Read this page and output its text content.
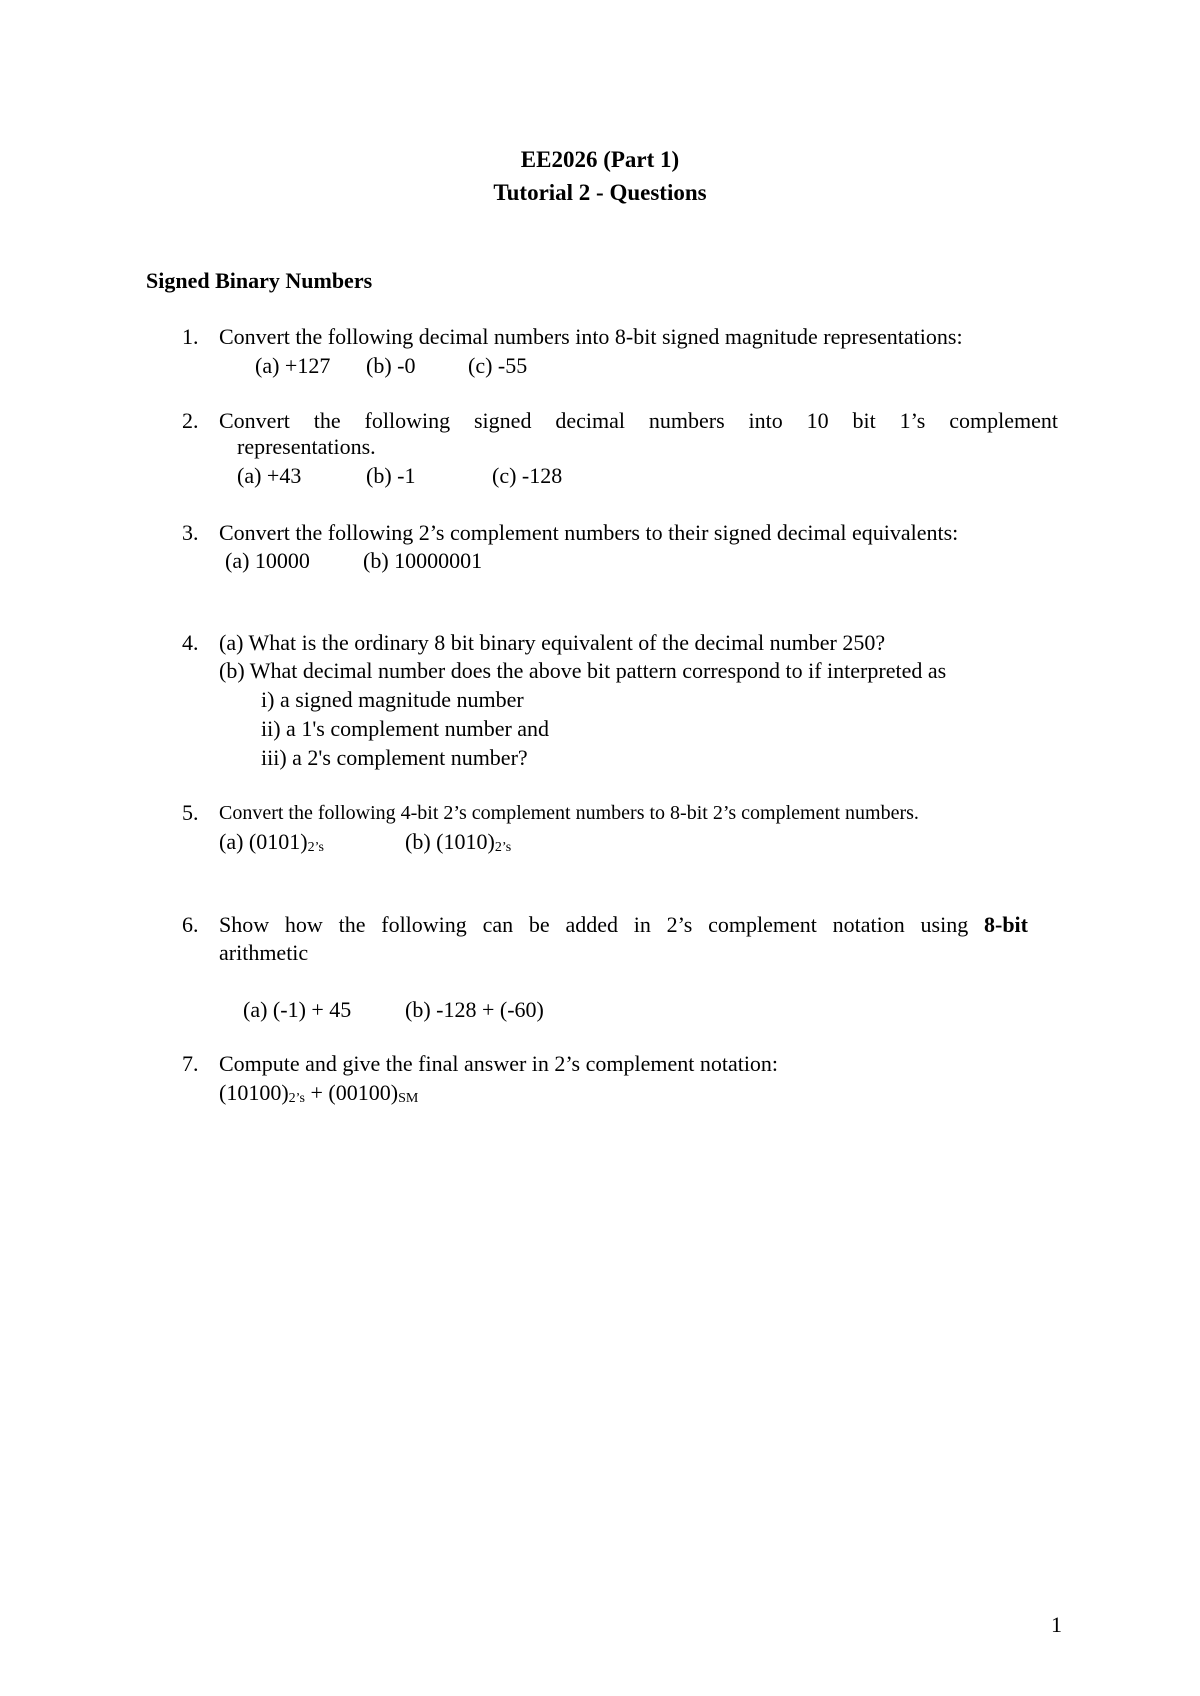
EE2026 (Part 1)
Tutorial 2 - Questions
Signed Binary Numbers
1. Convert the following decimal numbers into 8-bit signed magnitude representations:
(a) +127 (b) -0 (c) -55
2. Convert the following signed decimal numbers into 10 bit 1’s complement
representations.
(a) +43	(b) -1	(c) -128
3. Convert the following 2’s complement numbers to their signed decimal equivalents:
(a) 10000 (b) 10000001
4. (a) What is the ordinary 8 bit binary equivalent of the decimal number 250?
(b) What decimal number does the above bit pattern correspond to if interpreted as
i) a signed magnitude number
ii) a 1's complement number and
iii) a 2's complement number?
5. Convert the following 4-bit 2’s complement numbers to 8-bit 2’s complement numbers.
(a) $(0101)_{2’s}$	(b) $(1010)_{2’s}$
6. Show how the following can be added in 2’s complement notation using 8-bit
arithmetic
(a) (-1) + 45 (b) -128 + (-60)
7. Compute and give the final answer in 2’s complement notation:
$(10100)_{2’s} + (00100)_{SM}$
1
